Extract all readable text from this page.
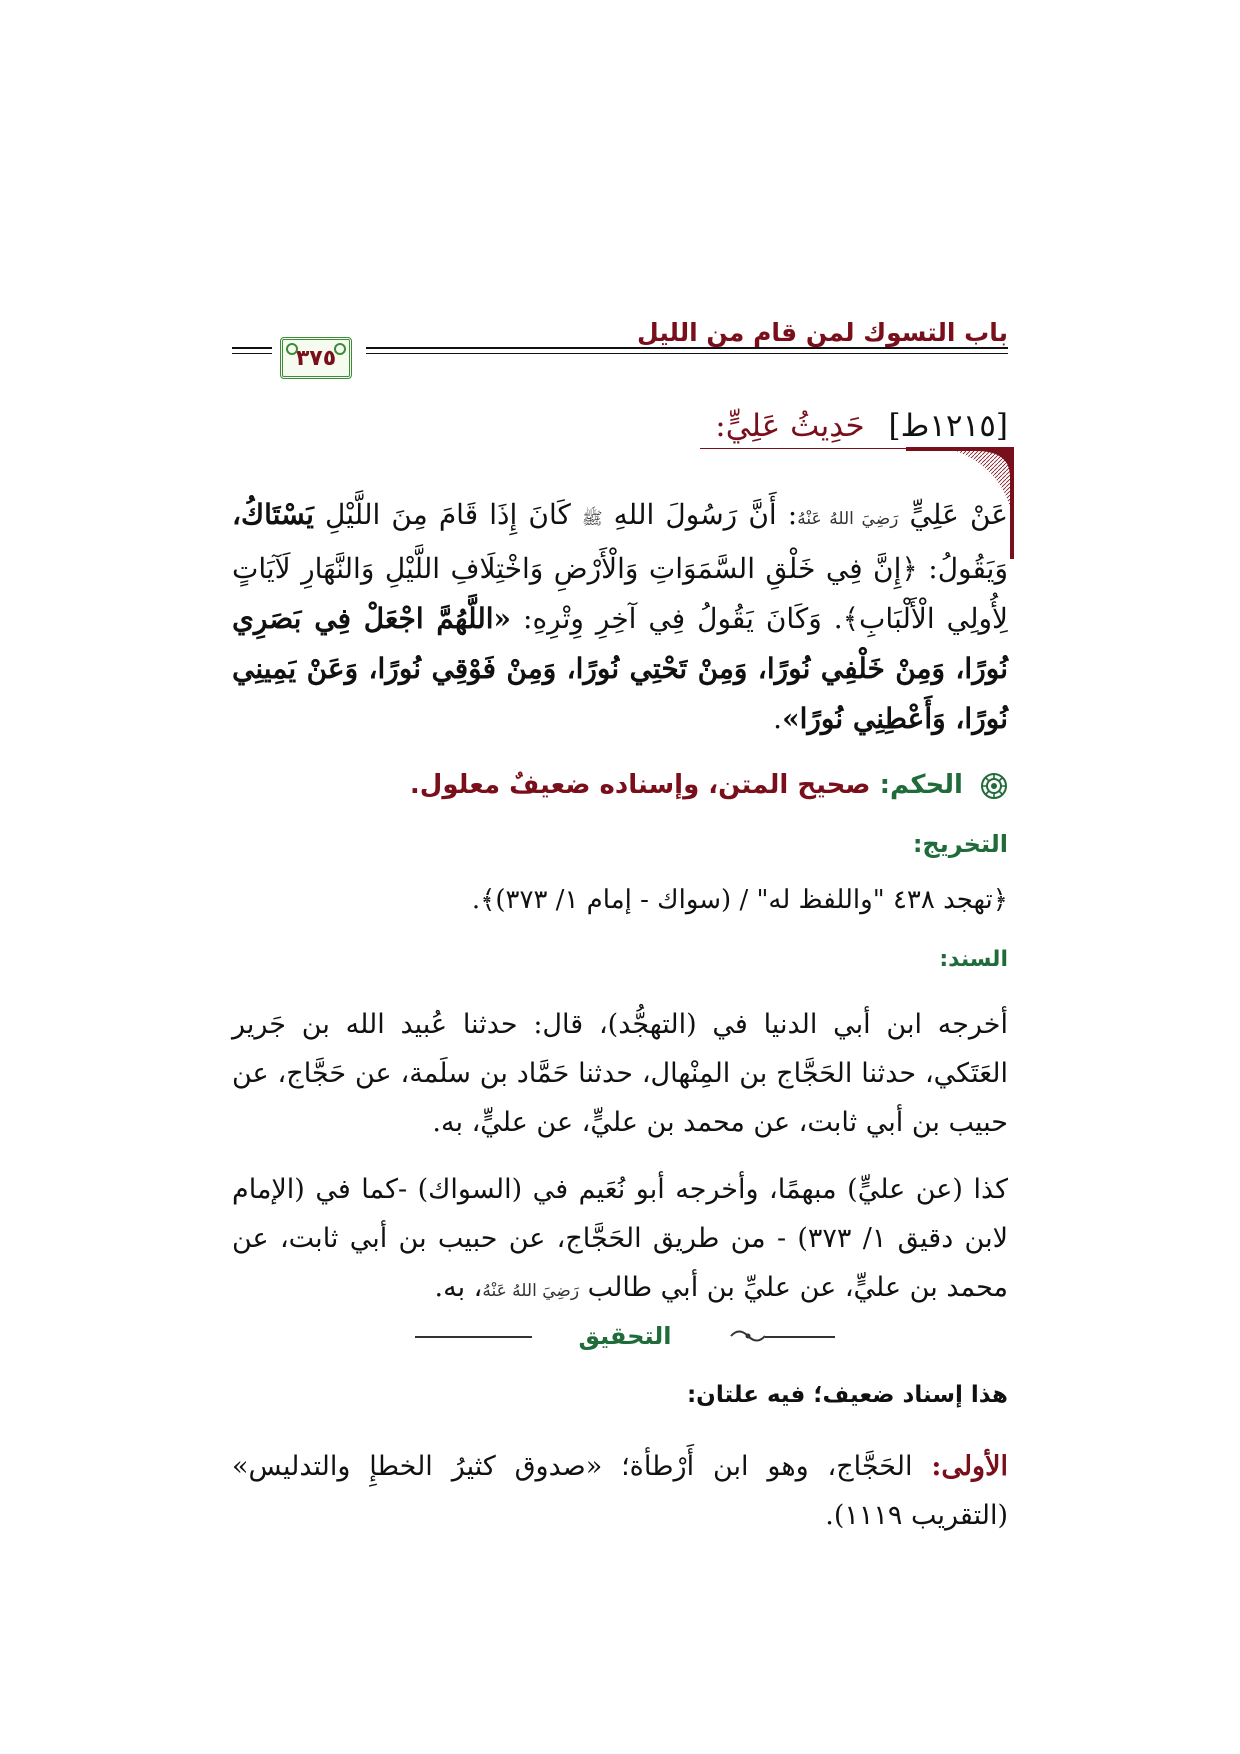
باب التسوك لمن قام من الليل
٣٧٥
[١٢١٥ط] حَدِيثُ عَلِيٍّ:
عَنْ عَلِيٍّ رَضِيَ اللهُ عَنْهُ: أَنَّ رَسُولَ اللهِ ﷺ كَانَ إِذَا قَامَ مِنَ اللَّيْلِ يَسْتَاكُ، وَيَقُولُ: ﴿إِنَّ فِي خَلْقِ السَّمَوَاتِ وَالْأَرْضِ وَاخْتِلَافِ اللَّيْلِ وَالنَّهَارِ لَآيَاتٍ لِأُولِي الْأَلْبَابِ﴾. وَكَانَ يَقُولُ فِي آخِرِ وِتْرِهِ: «اللَّهُمَّ اجْعَلْ فِي بَصَرِي نُورًا، وَمِنْ خَلْفِي نُورًا، وَمِنْ تَحْتِي نُورًا، وَمِنْ فَوْقِي نُورًا، وَعَنْ يَمِينِي نُورًا، وَأَعْطِنِي نُورًا».
الحكم: صحيح المتن، وإسناده ضعيفٌ معلول.
التخريج:
﴿تهجد ٤٣٨ "واللفظ له" / (سواك - إمام ١/ ٣٧٣)﴾.
السند:
أخرجه ابن أبي الدنيا في (التهجُّد)، قال: حدثنا عُبيد الله بن جَرير العَتَكي، حدثنا الحَجَّاج بن المِنْهال، حدثنا حَمَّاد بن سلَمة، عن حَجَّاج، عن حبيب بن أبي ثابت، عن محمد بن عليٍّ، عن عليٍّ، به.
كذا (عن عليٍّ) مبهمًا، وأخرجه أبو نُعَيم في (السواك) -كما في (الإمام لابن دقيق ١/ ٣٧٣) - من طريق الحَجَّاج، عن حبيب بن أبي ثابت، عن محمد بن عليٍّ، عن عليِّ بن أبي طالب رَضِيَ اللهُ عَنْهُ، به.
التحقيق
هذا إسناد ضعيف؛ فيه علتان:
الأولى: الحَجَّاج، وهو ابن أَرْطأة؛ «صدوق كثيرُ الخطإِ والتدليس» (التقريب ١١١٩).
